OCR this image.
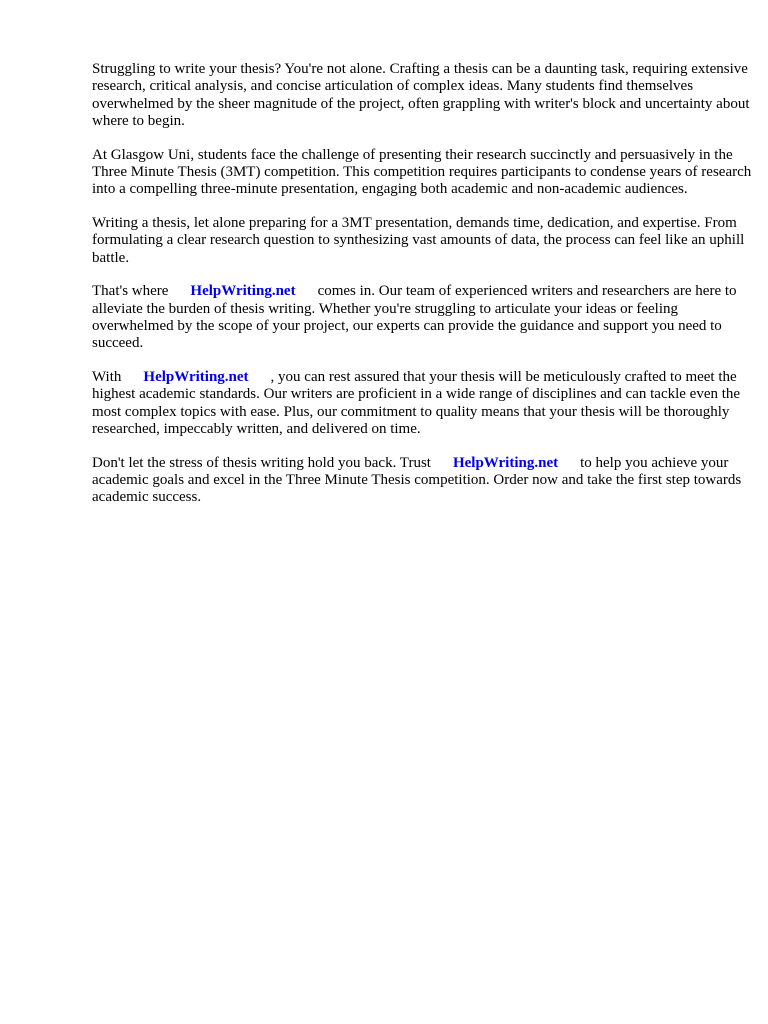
Struggling to write your thesis? You're not alone. Crafting a thesis can be a daunting task, requiring extensive research, critical analysis, and concise articulation of complex ideas. Many students find themselves overwhelmed by the sheer magnitude of the project, often grappling with writer's block and uncertainty about where to begin.

At Glasgow Uni, students face the challenge of presenting their research succinctly and persuasively in the Three Minute Thesis (3MT) competition. This competition requires participants to condense years of research into a compelling three-minute presentation, engaging both academic and non-academic audiences.

Writing a thesis, let alone preparing for a 3MT presentation, demands time, dedication, and expertise. From formulating a clear research question to synthesizing vast amounts of data, the process can feel like an uphill battle.

That's where HelpWriting.net comes in. Our team of experienced writers and researchers are here to alleviate the burden of thesis writing. Whether you're struggling to articulate your ideas or feeling overwhelmed by the scope of your project, our experts can provide the guidance and support you need to succeed.

With HelpWriting.net , you can rest assured that your thesis will be meticulously crafted to meet the highest academic standards. Our writers are proficient in a wide range of disciplines and can tackle even the most complex topics with ease. Plus, our commitment to quality means that your thesis will be thoroughly researched, impeccably written, and delivered on time.

Don't let the stress of thesis writing hold you back. Trust HelpWriting.net to help you achieve your academic goals and excel in the Three Minute Thesis competition. Order now and take the first step towards academic success.
